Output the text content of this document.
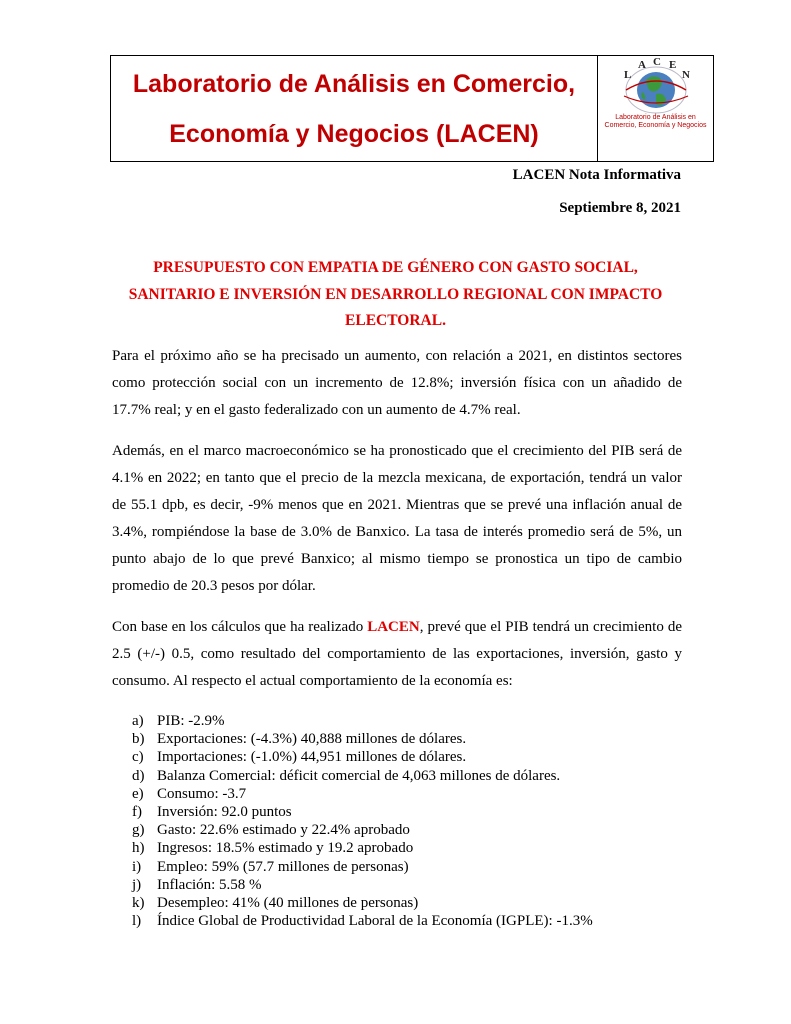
Laboratorio de Análisis en Comercio,
Economía y Negocios (LACEN)
L
A C E
N
Laboratorio de Análisis en
Comercio, Economía y Negocios
LACEN Nota Informativa
Septiembre 8, 2021
PRESUPUESTO CON EMPATIA DE GÉNERO CON GASTO SOCIAL,
SANITARIO E INVERSIÓN EN DESARROLLO REGIONAL CON IMPACTO
ELECTORAL.

Para el próximo año se ha precisado un aumento, con relación a 2021, en distintos sectores como protección social con un incremento de 12.8%; inversión física con un añadido de 17.7% real; y en el gasto federalizado con un aumento de 4.7% real.

Además, en el marco macroeconómico se ha pronosticado que el crecimiento del PIB será de 4.1% en 2022; en tanto que el precio de la mezcla mexicana, de exportación, tendrá un valor de 55.1 dpb, es decir, -9% menos que en 2021. Mientras que se prevé una inflación anual de 3.4%, rompiéndose la base de 3.0% de Banxico. La tasa de interés promedio será de 5%, un punto abajo de lo que prevé Banxico; al mismo tiempo se pronostica un tipo de cambio promedio de 20.3 pesos por dólar.

Con base en los cálculos que ha realizado LACEN, prevé que el PIB tendrá un crecimiento de 2.5 (+/-) 0.5, como resultado del comportamiento de las exportaciones, inversión, gasto y consumo. Al respecto el actual comportamiento de la economía es:

a) PIB: -2.9%
b) Exportaciones: (-4.3%) 40,888 millones de dólares.
c) Importaciones: (-1.0%) 44,951 millones de dólares.
d) Balanza Comercial: déficit comercial de 4,063 millones de dólares.
e) Consumo: -3.7
f)	Inversión: 92.0 puntos
g) Gasto: 22.6% estimado y 22.4% aprobado
h) Ingresos: 18.5% estimado y 19.2 aprobado
i)	Empleo: 59% (57.7 millones de personas)
j)	Inflación: 5.58 %
k) Desempleo: 41% (40 millones de personas)
l)	Índice Global de Productividad Laboral de la Economía (IGPLE): -1.3%
